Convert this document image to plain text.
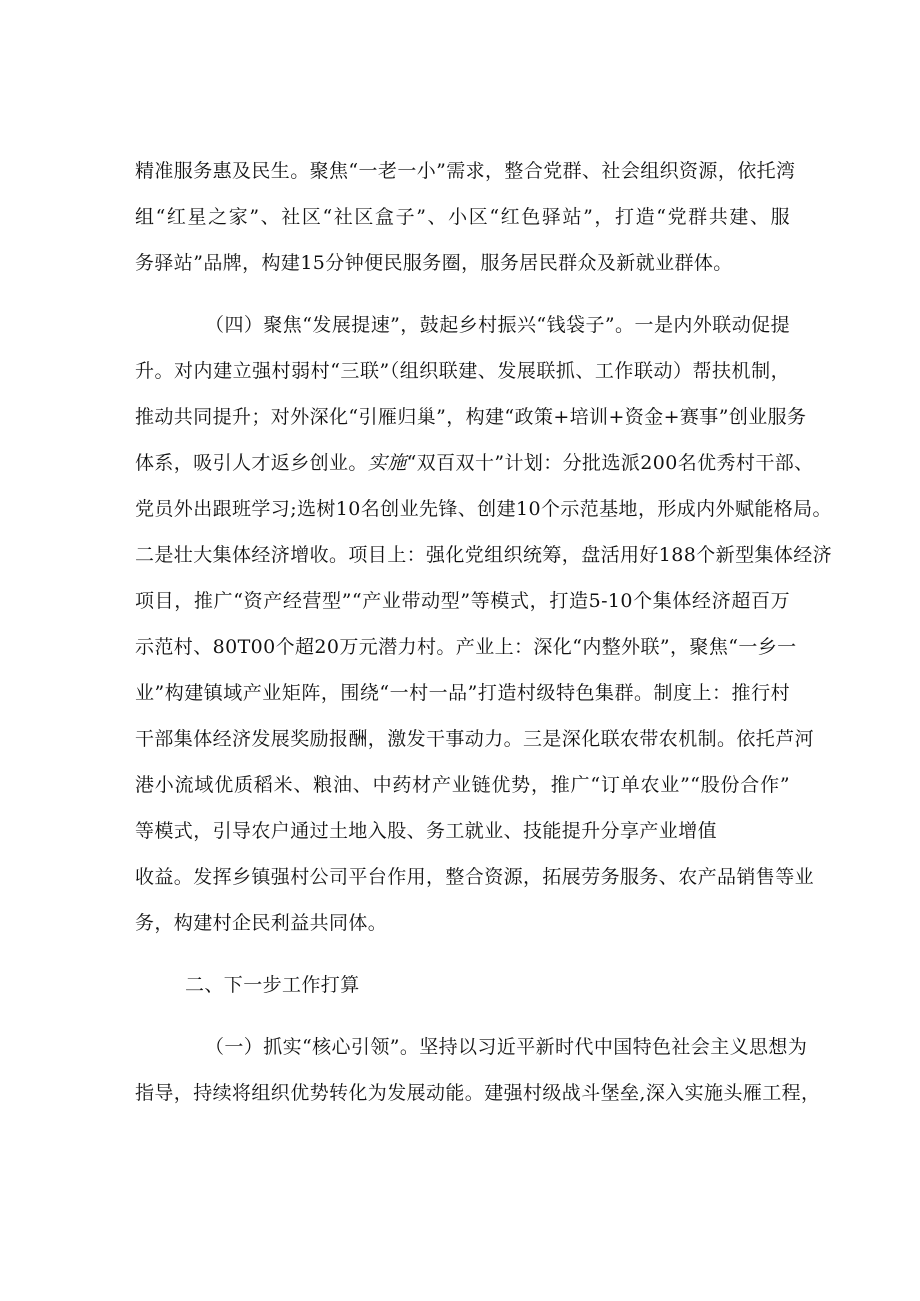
精准服务惠及民生。聚焦“一老一小”需求，整合党群、社会组织资源，依托湾
组“红星之家”、社区“社区盒子”、小区“红色驿站”，打造“党群共建、服
务驿站”品牌，构建15分钟便民服务圈，服务居民群众及新就业群体。
（四）聚焦“发展提速”，鼓起乡村振兴“钱袋子”。一是内外联动促提
升。对内建立强村弱村“三联”（组织联建、发展联抓、工作联动）帮扶机制，
推动共同提升；对外深化“引雁归巢”，构建“政策+培训+资金+赛事”创业服务
体系，吸引人才返乡创业。实施“双百双十”计划：分批选派200名优秀村干部、
党员外出跟班学习;选树10名创业先锋、创建10个示范基地，形成内外赋能格局。
二是壮大集体经济增收。项目上：强化党组织统筹，盘活用好188个新型集体经济
项目，推广“资产经营型”“产业带动型”等模式，打造5-10个集体经济超百万
示范村、80T00个超20万元潜力村。产业上：深化“内整外联”，聚焦“一乡一
业”构建镇域产业矩阵，围绕“一村一品”打造村级特色集群。制度上：推行村
干部集体经济发展奖励报酬，激发干事动力。三是深化联农带农机制。依托芦河
港小流域优质稻米、粮油、中药材产业链优势，推广“订单农业”“股份合作”
等模式，引导农户通过土地入股、务工就业、技能提升分享产业增值
收益。发挥乡镇强村公司平台作用，整合资源，拓展劳务服务、农产品销售等业
务，构建村企民利益共同体。
二、下一步工作打算
（一）抓实“核心引领”。坚持以习近平新时代中国特色社会主义思想为
指导，持续将组织优势转化为发展动能。建强村级战斗堡垒,深入实施头雁工程，
